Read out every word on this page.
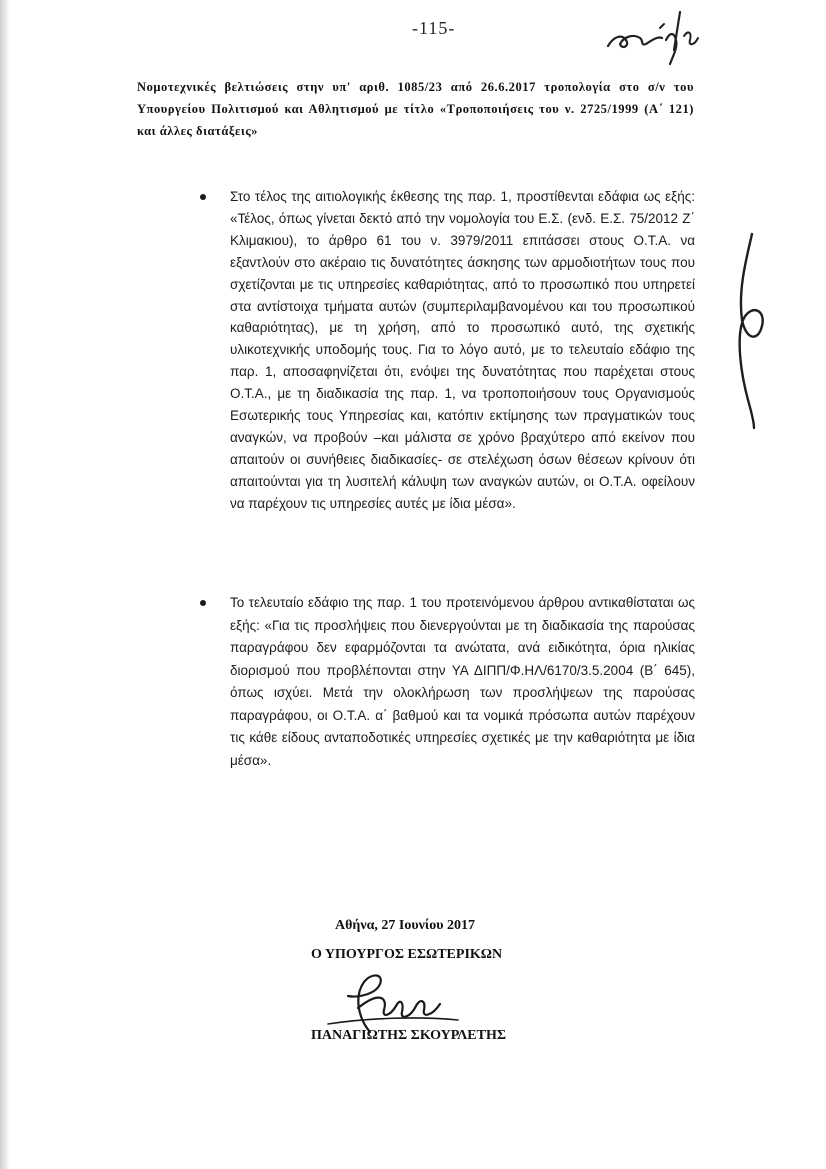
-115-
Νομοτεχνικές βελτιώσεις στην υπ' αριθ. 1085/23 από 26.6.2017 τροπολογία στο σ/ν του Υπουργείου Πολιτισμού και Αθλητισμού με τίτλο «Τροποποιήσεις του ν. 2725/1999 (Α΄ 121) και άλλες διατάξεις»
Στο τέλος της αιτιολογικής έκθεσης της παρ. 1, προστίθενται εδάφια ως εξής: «Τέλος, όπως γίνεται δεκτό από την νομολογία του Ε.Σ. (ενδ. Ε.Σ. 75/2012 Ζ΄ Κλιμακιου), το άρθρο 61 του ν. 3979/2011 επιτάσσει στους Ο.Τ.Α. να εξαντλούν στο ακέραιο τις δυνατότητες άσκησης των αρμοδιοτήτων τους που σχετίζονται με τις υπηρεσίες καθαριότητας, από το προσωπικό που υπηρετεί στα αντίστοιχα τμήματα αυτών (συμπεριλαμβανομένου και του προσωπικού καθαριότητας), με τη χρήση, από το προσωπικό αυτό, της σχετικής υλικοτεχνικής υποδομής τους. Για το λόγο αυτό, με το τελευταίο εδάφιο της παρ. 1, αποσαφηνίζεται ότι, ενόψει της δυνατότητας που παρέχεται στους Ο.Τ.Α., με τη διαδικασία της παρ. 1, να τροποποιήσουν τους Οργανισμούς Εσωτερικής τους Υπηρεσίας και, κατόπιν εκτίμησης των πραγματικών τους αναγκών, να προβούν –και μάλιστα σε χρόνο βραχύτερο από εκείνον που απαιτούν οι συνήθειες διαδικασίες- σε στελέχωση όσων θέσεων κρίνουν ότι απαιτούνται για τη λυσιτελή κάλυψη των αναγκών αυτών, οι Ο.Τ.Α. οφείλουν να παρέχουν τις υπηρεσίες αυτές με ίδια μέσα».
Το τελευταίο εδάφιο της παρ. 1 του προτεινόμενου άρθρου αντικαθίσταται ως εξής: «Για τις προσλήψεις που διενεργούνται με τη διαδικασία της παρούσας παραγράφου δεν εφαρμόζονται τα ανώτατα, ανά ειδικότητα, όρια ηλικίας διορισμού που προβλέπονται στην ΥΑ ΔΙΠΠ/Φ.ΗΛ/6170/3.5.2004 (Β΄ 645), όπως ισχύει. Μετά την ολοκλήρωση των προσλήψεων της παρούσας παραγράφου, οι Ο.Τ.Α. α΄ βαθμού και τα νομικά πρόσωπα αυτών παρέχουν τις κάθε είδους ανταποδοτικές υπηρεσίες σχετικές με την καθαριότητα με ίδια μέσα».
Αθήνα, 27 Ιουνίου 2017
Ο ΥΠΟΥΡΓΟΣ ΕΣΩΤΕΡΙΚΩΝ
ΠΑΝΑΓΙΩΤΗΣ ΣΚΟΥΡΛΕΤΗΣ
